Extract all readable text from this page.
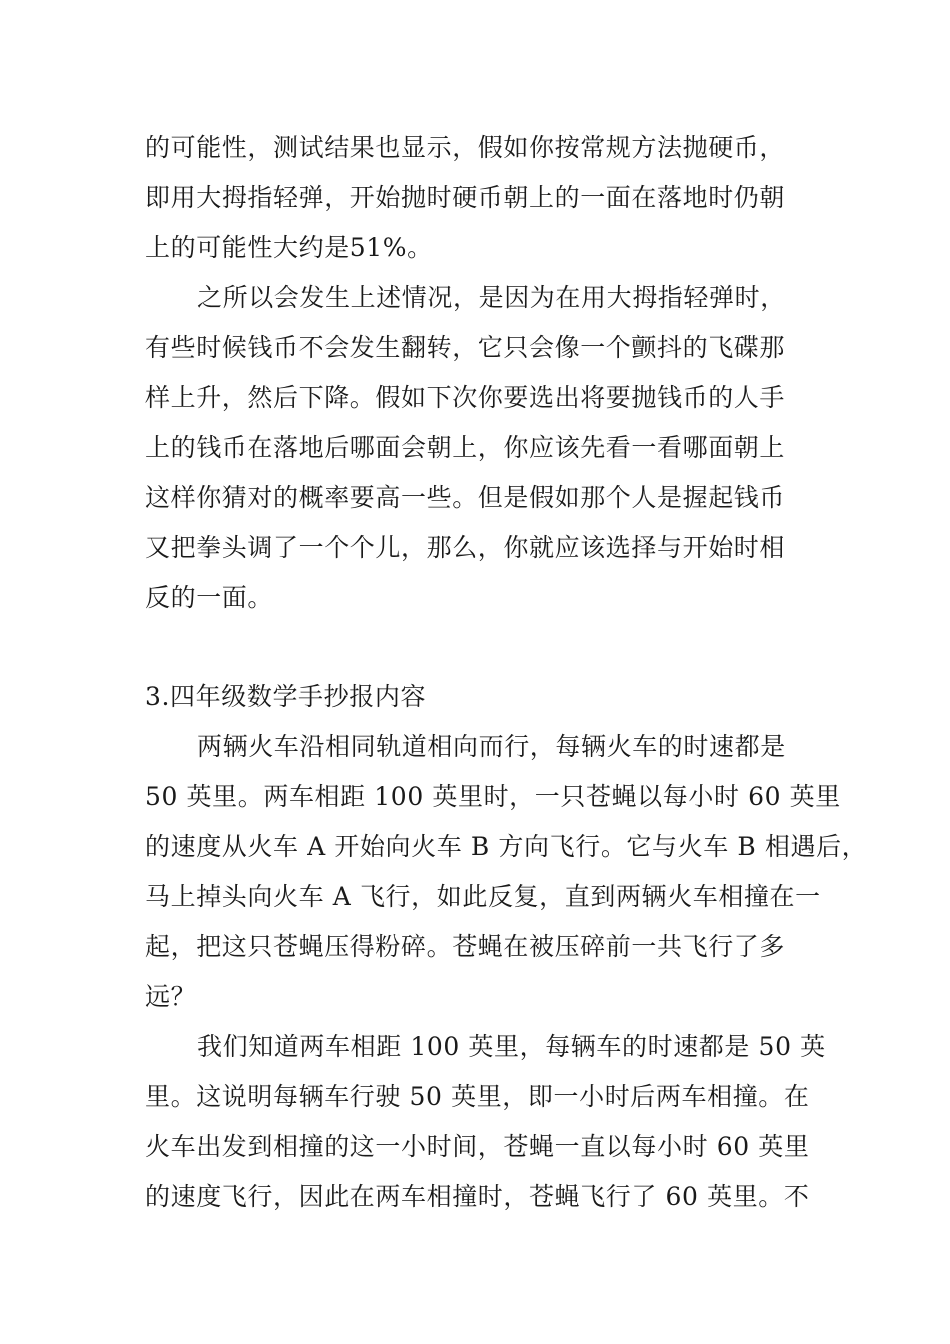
的可能性，测试结果也显示，假如你按常规方法抛硬币，
即用大拇指轻弹，开始抛时硬币朝上的一面在落地时仍朝
上的可能性大约是51%。
之所以会发生上述情况，是因为在用大拇指轻弹时，
有些时候钱币不会发生翻转，它只会像一个颤抖的飞碟那
样上升，然后下降。假如下次你要选出将要抛钱币的人手
上的钱币在落地后哪面会朝上，你应该先看一看哪面朝上
这样你猜对的概率要高一些。但是假如那个人是握起钱币
又把拳头调了一个个儿，那么，你就应该选择与开始时相
反的一面。
3.四年级数学手抄报内容
两辆火车沿相同轨道相向而行，每辆火车的时速都是
50 英里。两车相距 100 英里时，一只苍蝇以每小时 60 英里
的速度从火车 A 开始向火车 B 方向飞行。它与火车 B 相遇后，
马上掉头向火车 A 飞行，如此反复，直到两辆火车相撞在一
起，把这只苍蝇压得粉碎。苍蝇在被压碎前一共飞行了多
远？
我们知道两车相距 100 英里，每辆车的时速都是 50 英
里。这说明每辆车行驶 50 英里，即一小时后两车相撞。在
火车出发到相撞的这一小时间，苍蝇一直以每小时 60 英里
的速度飞行，因此在两车相撞时，苍蝇飞行了 60 英里。不
